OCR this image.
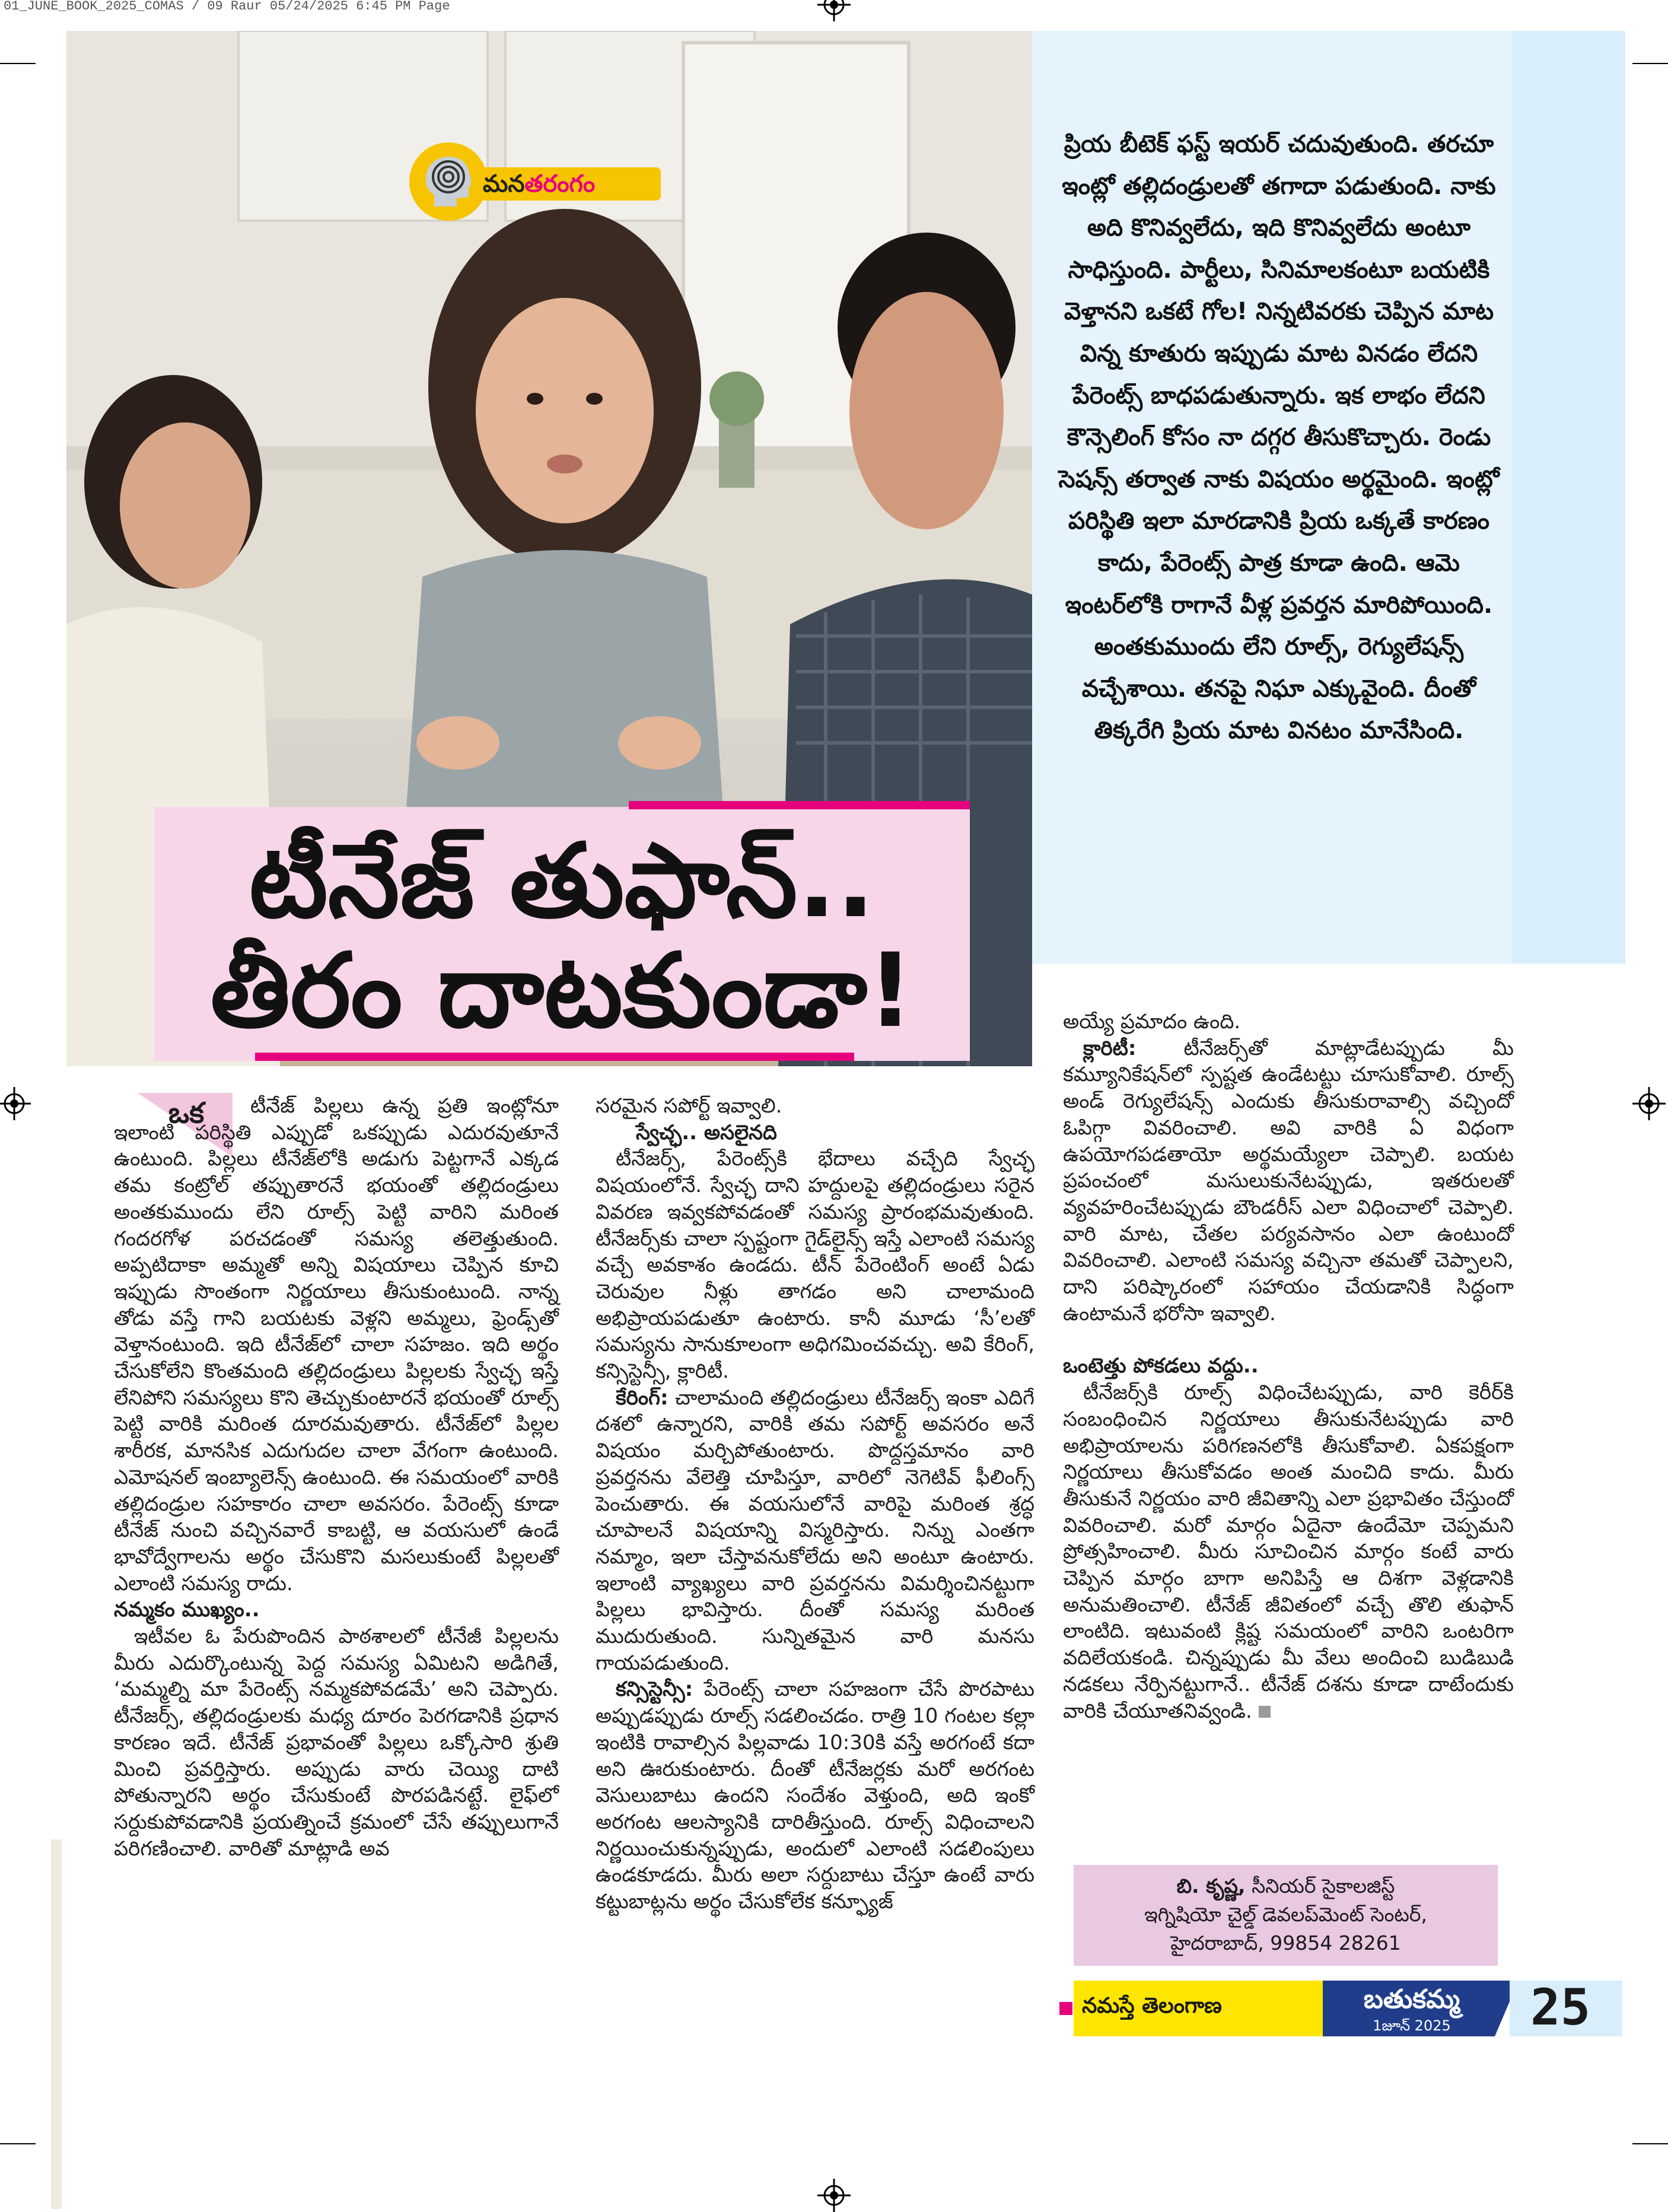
01_JUNE_BOOK_2025_COMAS / 09 Raur 05/24/2025 6:45 PM Page
మనతరంగం
ప్రియ బీటెక్ ఫస్ట్ ఇయర్ చదువుతుంది. తరచూ ఇంట్లో తల్లిదండ్రులతో తగాదా పడుతుంది. నాకు అది కొనివ్వలేదు, ఇది కొనివ్వలేదు అంటూ సాధిస్తుంది. పార్టీలు, సినిమాలకంటూ బయటికి వెళ్తానని ఒకటే గోల! నిన్నటివరకు చెప్పిన మాట విన్న కూతురు ఇప్పుడు మాట వినడం లేదని పేరెంట్స్ బాధపడుతున్నారు. ఇక లాభం లేదని కౌన్సెలింగ్ కోసం నా దగ్గర తీసుకొచ్చారు. రెండు సెషన్స్ తర్వాత నాకు విషయం అర్థమైంది. ఇంట్లో పరిస్థితి ఇలా మారడానికి ప్రియ ఒక్కతే కారణం కాదు, పేరెంట్స్ పాత్ర కూడా ఉంది. ఆమె ఇంటర్‌లోకి రాగానే వీళ్ల ప్రవర్తన మారిపోయింది. అంతకుముందు లేని రూల్స్, రెగ్యులేషన్స్ వచ్చేశాయి. తనపై నిఘా ఎక్కువైంది. దీంతో తిక్కరేగి ప్రియ మాట వినటం మానేసింది.
టీనేజ్ తుఫాన్..
తీరం దాటకుండా!
ఒక	టీనేజ్ పిల్లలు ఉన్న ప్రతి ఇంట్లోనూ ఇలాంటి పరిస్థితి ఎప్పుడో ఒకప్పుడు ఎదురవుతూనే ఉంటుంది. పిల్లలు టీనేజ్‌లోకి అడుగు పెట్టగానే ఎక్కడ తమ కంట్రోల్ తప్పుతారనే భయంతో తల్లిదండ్రులు అంతకుముందు లేని రూల్స్ పెట్టి వారిని మరింత గందరగోళ పరచడంతో సమస్య తలెత్తుతుంది. అప్పటిదాకా అమ్మతో అన్ని విషయాలు చెప్పిన కూచి ఇప్పుడు సొంతంగా నిర్ణయాలు తీసుకుంటుంది. నాన్న తోడు వస్తే గాని బయటకు వెళ్లని అమ్మలు, ఫ్రెండ్స్‌తో వెళ్తానంటుంది. ఇది టీనేజ్‌లో చాలా సహజం. ఇది అర్థం చేసుకోలేని కొంతమంది తల్లిదండ్రులు పిల్లలకు స్వేచ్ఛ ఇస్తే లేనిపోని సమస్యలు కొని తెచ్చుకుంటారనే భయంతో రూల్స్ పెట్టి వారికి మరింత దూరమవుతారు. టీనేజ్‌లో పిల్లల శారీరక, మానసిక ఎదుగుదల చాలా వేగంగా ఉంటుంది. ఎమోషనల్ ఇంబ్యాలెన్స్ ఉంటుంది. ఈ సమయంలో వారికి తల్లిదండ్రుల సహకారం చాలా అవసరం. పేరెంట్స్ కూడా టీనేజ్ నుంచి వచ్చినవారే కాబట్టి, ఆ వయసులో ఉండే భావోద్వేగాలను అర్థం చేసుకొని మసలుకుంటే పిల్లలతో ఎలాంటి సమస్య రాదు.

నమ్మకం ముఖ్యం..

ఇటీవల ఓ పేరుపొందిన పాఠశాలలో టీనేజీ పిల్లలను మీరు ఎదుర్కొంటున్న పెద్ద సమస్య ఏమిటని అడిగితే, ‘మమ్మల్ని మా పేరెంట్స్ నమ్మకపోవడమే’ అని చెప్పారు. టీనేజర్స్, తల్లిదండ్రులకు మధ్య దూరం పెరగడానికి ప్రధాన కారణం ఇదే. టీనేజ్ ప్రభావంతో పిల్లలు ఒక్కోసారి శ్రుతి మించి ప్రవర్తిస్తారు. అప్పుడు వారు చెయ్యి దాటి పోతున్నారని అర్థం చేసుకుంటే పొరపడినట్టే. లైఫ్‌లో సర్దుకుపోవడానికి ప్రయత్నించే క్రమంలో చేసే తప్పులుగానే పరిగణించాలి. వారితో మాట్లాడి అవ

సరమైన సపోర్ట్ ఇవ్వాలి.

స్వేచ్ఛ.. అసలైనది

టీనేజర్స్, పేరెంట్స్‌కి భేదాలు వచ్చేది స్వేచ్ఛ విషయంలోనే. స్వేచ్ఛ దాని హద్దులపై తల్లిదండ్రులు సరైన వివరణ ఇవ్వకపోవడంతో సమస్య ప్రారంభమవుతుంది. టీనేజర్స్‌కు చాలా స్పష్టంగా గైడ్‌లైన్స్ ఇస్తే ఎలాంటి సమస్య వచ్చే అవకాశం ఉండదు. టీన్ పేరెంటింగ్ అంటే ఏడు చెరువుల నీళ్లు తాగడం అని చాలామంది అభిప్రాయపడుతూ ఉంటారు. కానీ మూడు ‘సీ’లతో సమస్యను సానుకూలంగా అధిగమించవచ్చు. అవి కేరింగ్, కన్సిస్టెన్సీ, క్లారిటీ.

కేరింగ్: చాలామంది తల్లిదండ్రులు టీనేజర్స్ ఇంకా ఎదిగే దశలో ఉన్నారని, వారికి తమ సపోర్ట్ అవసరం అనే విషయం మర్చిపోతుంటారు. పొద్దస్తమానం వారి ప్రవర్తనను వేలెత్తి చూపిస్తూ, వారిలో నెగెటివ్ ఫీలింగ్స్ పెంచుతారు. ఈ వయసులోనే వారిపై మరింత శ్రద్ధ చూపాలనే విషయాన్ని విస్మరిస్తారు. నిన్ను ఎంతగా నమ్మాం, ఇలా చేస్తావనుకోలేదు అని అంటూ ఉంటారు. ఇలాంటి వ్యాఖ్యలు వారి ప్రవర్తనను విమర్శించినట్టుగా పిల్లలు భావిస్తారు. దీంతో సమస్య మరింత ముదురుతుంది. సున్నితమైన వారి మనసు గాయపడుతుంది.

కన్సిస్టెన్సీ: పేరెంట్స్ చాలా సహజంగా చేసే పొరపాటు అప్పుడప్పుడు రూల్స్ సడలించడం. రాత్రి 10 గంటల కల్లా ఇంటికి రావాల్సిన పిల్లవాడు 10:30కి వస్తే అరగంటే కదా అని ఊరుకుంటారు. దీంతో టీనేజర్లకు మరో అరగంట వెసులుబాటు ఉందని సందేశం వెళ్తుంది, అది ఇంకో అరగంట ఆలస్యానికి దారితీస్తుంది. రూల్స్ విధించాలని నిర్ణయించుకున్నప్పుడు, అందులో ఎలాంటి సడలింపులు ఉండకూడదు. మీరు అలా సర్దుబాటు చేస్తూ ఉంటే వారు కట్టుబాట్లను అర్థం చేసుకోలేక కన్ఫ్యూజ్

అయ్యే ప్రమాదం ఉంది.

క్లారిటీ: టీనేజర్స్‌తో మాట్లాడేటప్పుడు మీ కమ్యూనికేషన్‌లో స్పష్టత ఉండేటట్టు చూసుకోవాలి. రూల్స్ అండ్ రెగ్యులేషన్స్ ఎందుకు తీసుకురావాల్సి వచ్చిందో ఓపిగ్గా వివరించాలి. అవి వారికి ఏ విధంగా ఉపయోగపడతాయో అర్థమయ్యేలా చెప్పాలి. బయట ప్రపంచంలో మసులుకునేటప్పుడు, ఇతరులతో వ్యవహరించేటప్పుడు బౌండరీస్ ఎలా విధించాలో చెప్పాలి. వారి మాట, చేతల పర్యవసానం ఎలా ఉంటుందో వివరించాలి. ఎలాంటి సమస్య వచ్చినా తమతో చెప్పాలని, దాని పరిష్కారంలో సహాయం చేయడానికి సిద్ధంగా ఉంటామనే భరోసా ఇవ్వాలి.

ఒంటెత్తు పోకడలు వద్దు..

టీనేజర్స్‌కి రూల్స్ విధించేటప్పుడు, వారి కెరీర్‌కి సంబంధించిన నిర్ణయాలు తీసుకునేటప్పుడు వారి అభిప్రాయాలను పరిగణనలోకి తీసుకోవాలి. ఏకపక్షంగా నిర్ణయాలు తీసుకోవడం అంత మంచిది కాదు. మీరు తీసుకునే నిర్ణయం వారి జీవితాన్ని ఎలా ప్రభావితం చేస్తుందో వివరించాలి. మరో మార్గం ఏదైనా ఉందేమో చెప్పమని ప్రోత్సహించాలి. మీరు సూచించిన మార్గం కంటే వారు చెప్పిన మార్గం బాగా అనిపిస్తే ఆ దిశగా వెళ్లడానికి అనుమతించాలి. టీనేజ్ జీవితంలో వచ్చే తొలి తుఫాన్ లాంటిది. ఇటువంటి క్లిష్ట సమయంలో వారిని ఒంటరిగా వదిలేయకండి. చిన్నప్పుడు మీ వేలు అందించి బుడిబుడి నడకలు నేర్పినట్టుగానే.. టీనేజ్ దశను కూడా దాటేందుకు వారికి చేయూతనివ్వండి.

బి. కృష్ణ, సీనియర్ సైకాలజిస్ట్
ఇగ్నిషియో చైల్డ్ డెవలప్‌మెంట్ సెంటర్,
హైదరాబాద్, 99854 28261
నమస్తే తెలంగాణ	బతుకమ్మ
1జూన్ 2025	25
